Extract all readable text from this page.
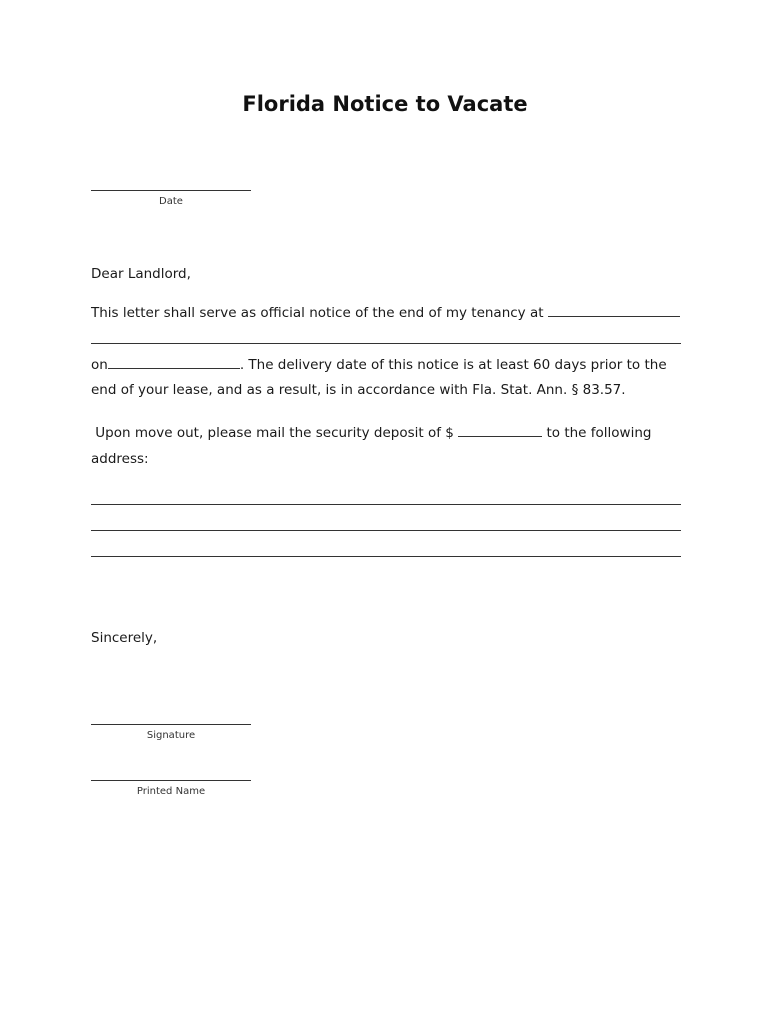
Florida Notice to Vacate
Date
Dear Landlord,
This letter shall serve as official notice of the end of my tenancy at
on	. The delivery date of this notice is at least 60 days prior to the
end of your lease, and as a result, is in accordance with Fla. Stat. Ann. § 83.57.
Upon move out, please mail the security deposit of $	to the following
address:
Sincerely,
Signature
Printed Name
